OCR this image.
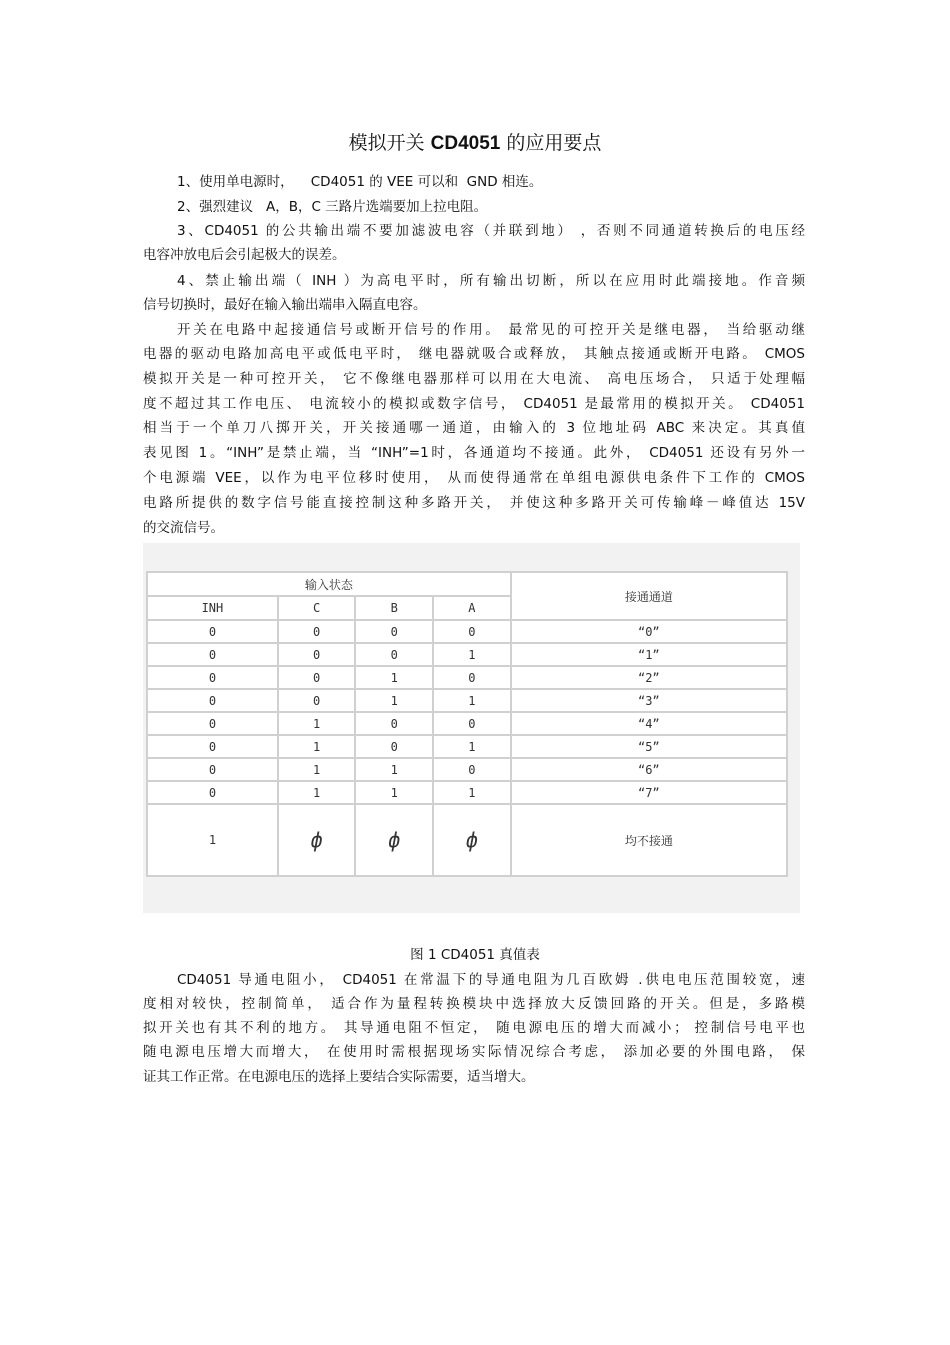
模拟开关 CD4051 的应用要点
1、使用单电源时，    CD4051 的 VEE 可以和  GND 相连。
2、强烈建议   A，B，C 三路片选端要加上拉电阻。
3、CD4051 的公共输出端不要加滤波电容（并联到地） ，否则不同通道转换后的电压经
电容冲放电后会引起极大的误差。
4、禁止输出端（ INH ）为高电平时，所有输出切断，所以在应用时此端接地。作音频
信号切换时，最好在输入输出端串入隔直电容。
开关在电路中起接通信号或断开信号的作用。 最常见的可控开关是继电器， 当给驱动继
电器的驱动电路加高电平或低电平时， 继电器就吸合或释放， 其触点接通或断开电路。 CMOS
模拟开关是一种可控开关， 它不像继电器那样可以用在大电流、 高电压场合， 只适于处理幅
度不超过其工作电压、 电流较小的模拟或数字信号， CD4051 是最常用的模拟开关。 CD4051
相当于一个单刀八掷开关，开关接通哪一通道，由输入的 3 位地址码 ABC 来决定。其真值
表见图 1。“INH”是禁止端，当 “INH”=1时，各通道均不接通。此外， CD4051 还设有另外一
个电源端 VEE，以作为电平位移时使用， 从而使得通常在单组电源供电条件下工作的 CMOS
电路所提供的数字信号能直接控制这种多路开关， 并使这种多路开关可传输峰－峰值达 15V
的交流信号。
输入状态				接通通道
INH	C	B	A	
0	0	0	0	“0”
0	0	0	1	“1”
0	0	1	0	“2”
0	0	1	1	“3”
0	1	0	0	“4”
0	1	0	1	“5”
0	1	1	0	“6”
0	1	1	1	“7”
1	ф	ф	ф	均不接通
图 1 CD4051 真值表
CD4051 导通电阻小， CD4051 在常温下的导通电阻为几百欧姆 .供电电压范围较宽，速
度相对较快，控制简单， 适合作为量程转换模块中选择放大反馈回路的开关。但是，多路模
拟开关也有其不利的地方。 其导通电阻不恒定， 随电源电压的增大而减小； 控制信号电平也
随电源电压增大而增大， 在使用时需根据现场实际情况综合考虑， 添加必要的外围电路， 保
证其工作正常。在电源电压的选择上要结合实际需要，适当增大。
